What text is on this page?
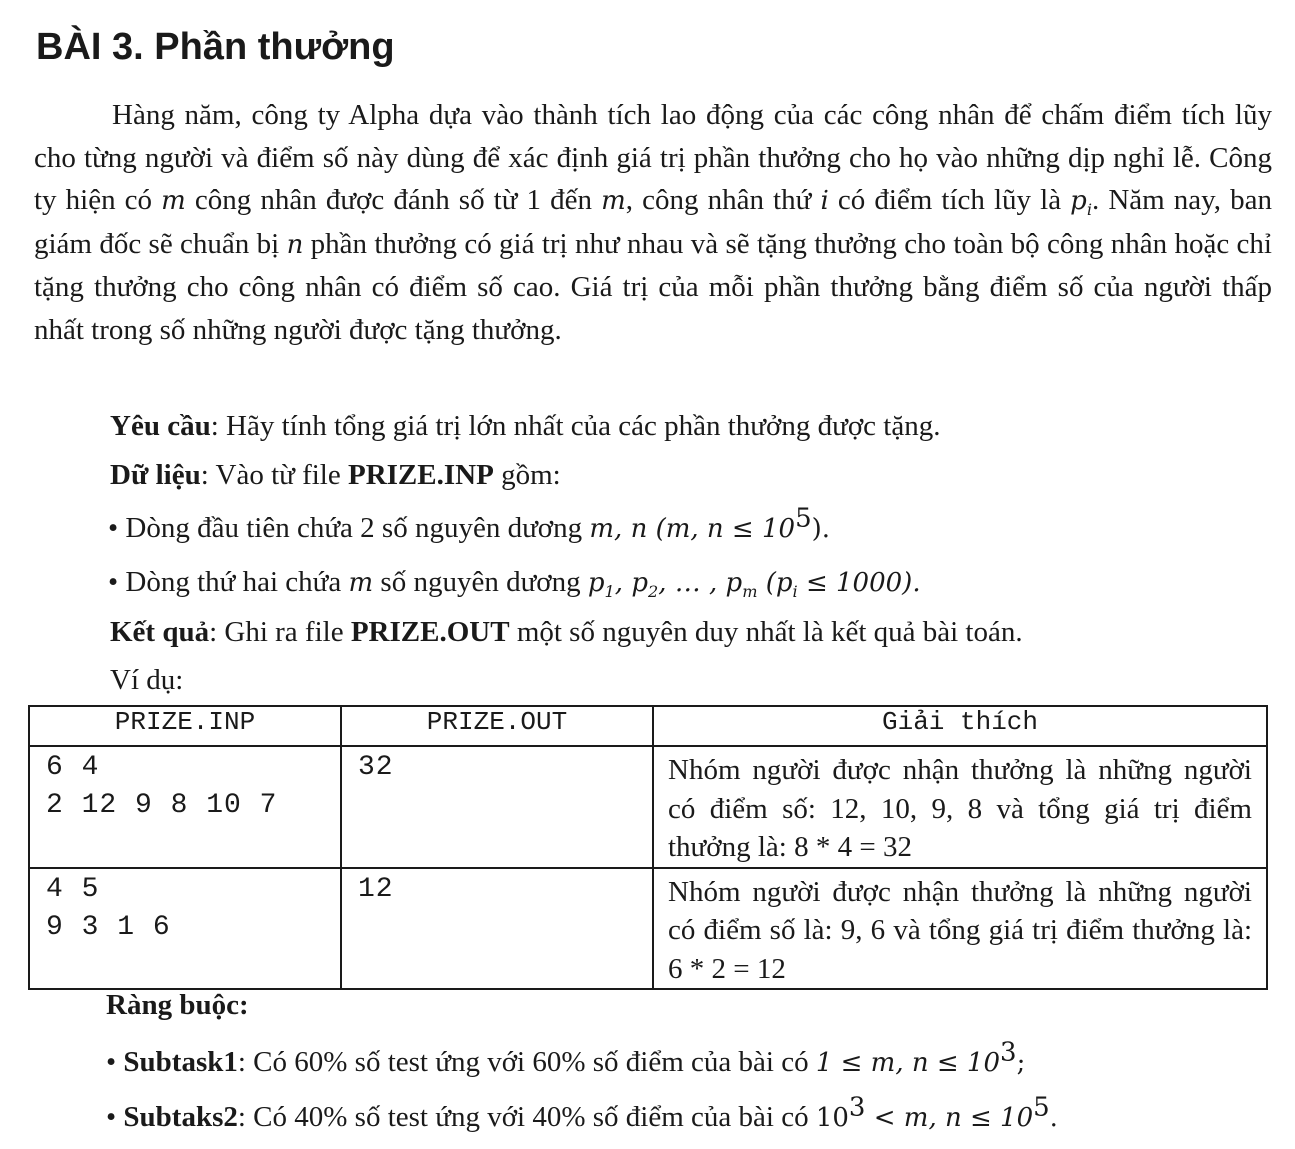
BÀI 3. Phần thưởng

Hàng năm, công ty Alpha dựa vào thành tích lao động của các công nhân để chấm điểm tích lũy cho từng người và điểm số này dùng để xác định giá trị phần thưởng cho họ vào những dịp nghỉ lễ. Công ty hiện có m công nhân được đánh số từ 1 đến m, công nhân thứ i có điểm tích lũy là $p_i$. Năm nay, ban giám đốc sẽ chuẩn bị n phần thưởng có giá trị như nhau và sẽ tặng thưởng cho toàn bộ công nhân hoặc chỉ tặng thưởng cho công nhân có điểm số cao. Giá trị của mỗi phần thưởng bằng điểm số của người thấp nhất trong số những người được tặng thưởng.

Yêu cầu: Hãy tính tổng giá trị lớn nhất của các phần thưởng được tặng.

Dữ liệu: Vào từ file PRIZE.INP gồm:

• Dòng đầu tiên chứa 2 số nguyên dương m, n (m, $n \le 10^5$).
• Dòng thứ hai chứa m số nguyên dương $p_1$, $p_2$, … , $p_m$ $(p_i \le 1000)$.

Kết quả: Ghi ra file PRIZE.OUT một số nguyên duy nhất là kết quả bài toán.

Ví dụ:

PRIZE.INP	PRIZE.OUT	Giải thích

6 4
2 12 9 8 10 7	32	Nhóm người được nhận thưởng là những người có điểm số: 12, 10, 9, 8 và tổng giá trị điểm thưởng là: 8 * 4 = 32

4 5
9 3 1 6	12	Nhóm người được nhận thưởng là những người có điểm số là: 9, 6 và tổng giá trị điểm thưởng là: 6 * 2 = 12
Ràng buộc:
• Subtask1: Có 60% số test ứng với 60% số điểm của bài có 1 ≤ m, $n \le 10^3$;
• Subtaks2: Có 40% số test ứng với 40% số điểm của bài có $10^3 < m$, $n \le 10^5$.
